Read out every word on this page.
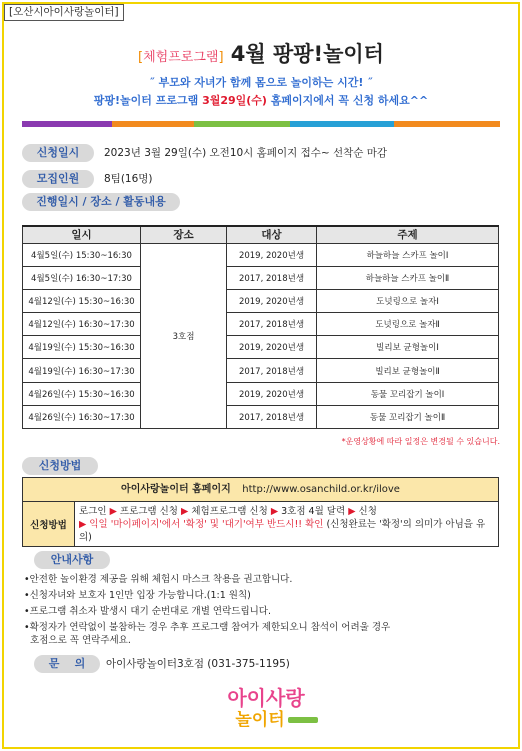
[오산시아이사랑놀이터]
[체험프로그램] 4월 팡팡!놀이터
˝ 부모와 자녀가 함께 몸으로 놀이하는 시간! ˝
팡팡!놀이터 프로그램 3월29일(수) 홈페이지에서 꼭 신청 하세요^^
신청일시	2023년 3월 29일(수) 오전10시 홈페이지 접수~ 선착순 마감
모집인원	8팀(16명)
진행일시 / 장소 / 활동내용
일시	장소	대상	주제
4월5일(수) 15:30~16:30	3호점	2019, 2020년생	하늘하늘 스카프 놀이Ⅰ
4월5일(수) 16:30~17:30		2017, 2018년생	하늘하늘 스카프 놀이Ⅱ
4월12일(수) 15:30~16:30		2019, 2020년생	도넛링으로 놀자Ⅰ
4월12일(수) 16:30~17:30		2017, 2018년생	도넛링으로 놀자Ⅱ
4월19일(수) 15:30~16:30		2019, 2020년생	빌리보 균형놀이Ⅰ
4월19일(수) 16:30~17:30		2017, 2018년생	빌리보 균형놀이Ⅱ
4월26일(수) 15:30~16:30		2019, 2020년생	동물 꼬리잡기 놀이Ⅰ
4월26일(수) 16:30~17:30		2017, 2018년생	동물 꼬리잡기 놀이Ⅱ
*운영상황에 따라 일정은 변경될 수 있습니다.
신청방법
아이사랑놀이터 홈페이지 http://www.osanchild.or.kr/ilove
신청방법
로그인 ▶ 프로그램 신청 ▶ 체험프로그램 신청 ▶ 3호점 4월 달력 ▶ 신청
▶ 익일 '마이페이지'에서 '확정' 및 '대기'여부 반드시!! 확인 (신청완료는 '확정'의 의미가 아님을 유의)
안내사항
•안전한 놀이환경 제공을 위해 체험시 마스크 착용을 권고합니다.
•신청자녀와 보호자 1인만 입장 가능합니다.(1:1 원칙)
•프로그램 취소자 발생시 대기 순번대로 개별 연락드립니다.
•확정자가 연락없이 불참하는 경우 추후 프로그램 참여가 제한되오니 참석이 어려울 경우
호점으로 꼭 연락주세요.
문    의	아이사랑놀이터3호점 (031-375-1195)
아이사랑
놀이터
